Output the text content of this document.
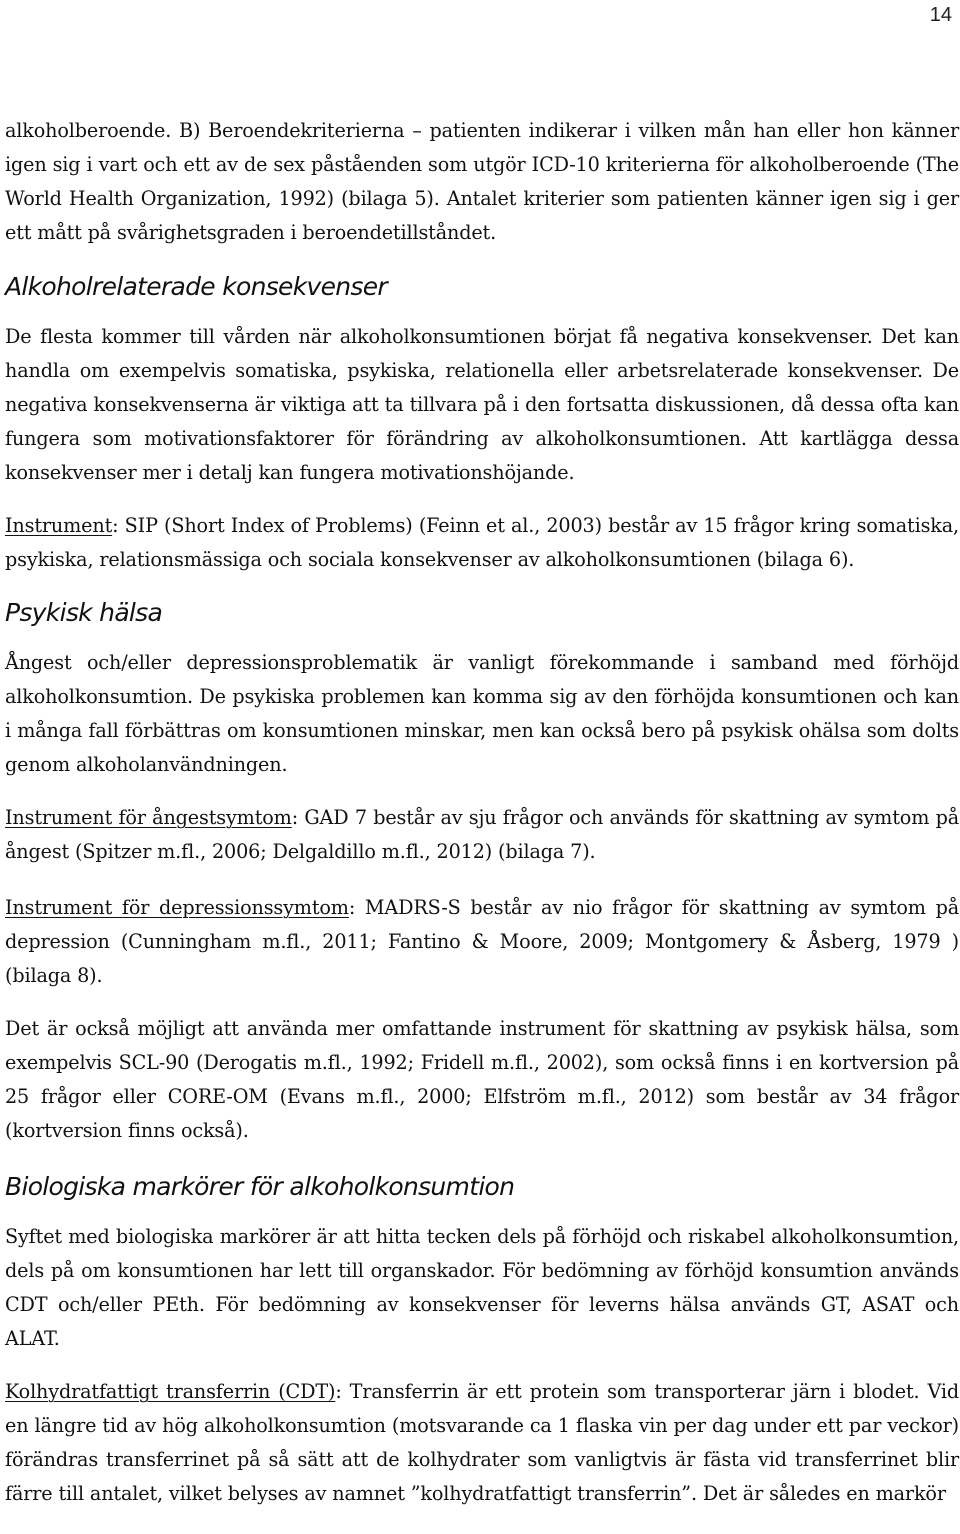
14

alkoholberoende. B) Beroendekriterierna – patienten indikerar i vilken mån han eller hon känner igen sig i vart och ett av de sex påståenden som utgör ICD-10 kriterierna för alkoholberoende (The World Health Organization, 1992) (bilaga 5). Antalet kriterier som patienten känner igen sig i ger ett mått på svårighetsgraden i beroendetillståndet.

Alkoholrelaterade konsekvenser

De flesta kommer till vården när alkoholkonsumtionen börjat få negativa konsekvenser. Det kan handla om exempelvis somatiska, psykiska, relationella eller arbetsrelaterade konsekvenser. De negativa konsekvenserna är viktiga att ta tillvara på i den fortsatta diskussionen, då dessa ofta kan fungera som motivationsfaktorer för förändring av alkoholkonsumtionen. Att kartlägga dessa konsekvenser mer i detalj kan fungera motivationshöjande.

Instrument: SIP (Short Index of Problems) (Feinn et al., 2003) består av 15 frågor kring somatiska, psykiska, relationsmässiga och sociala konsekvenser av alkoholkonsumtionen (bilaga 6).

Psykisk hälsa

Ångest och/eller depressionsproblematik är vanligt förekommande i samband med förhöjd alkoholkonsumtion. De psykiska problemen kan komma sig av den förhöjda konsumtionen och kan i många fall förbättras om konsumtionen minskar, men kan också bero på psykisk ohälsa som dolts genom alkoholanvändningen.

Instrument för ångestsymtom: GAD 7 består av sju frågor och används för skattning av symtom på ångest (Spitzer m.fl., 2006; Delgaldillo m.fl., 2012) (bilaga 7).

Instrument för depressionssymtom: MADRS-S består av nio frågor för skattning av symtom på depression (Cunningham m.fl., 2011; Fantino & Moore, 2009; Montgomery & Åsberg, 1979 ) (bilaga 8).

Det är också möjligt att använda mer omfattande instrument för skattning av psykisk hälsa, som exempelvis SCL-90 (Derogatis m.fl., 1992; Fridell m.fl., 2002), som också finns i en kortversion på 25 frågor eller CORE-OM (Evans m.fl., 2000; Elfström m.fl., 2012) som består av 34 frågor (kortversion finns också).

Biologiska markörer för alkoholkonsumtion

Syftet med biologiska markörer är att hitta tecken dels på förhöjd och riskabel alkoholkonsumtion, dels på om konsumtionen har lett till organskador. För bedömning av förhöjd konsumtion används CDT och/eller PEth. För bedömning av konsekvenser för leverns hälsa används GT, ASAT och ALAT.

Kolhydratfattigt transferrin (CDT): Transferrin är ett protein som transporterar järn i blodet. Vid en längre tid av hög alkoholkonsumtion (motsvarande ca 1 flaska vin per dag under ett par veckor) förändras transferrinet på så sätt att de kolhydrater som vanligtvis är fästa vid transferrinet blir färre till antalet, vilket belyses av namnet ”kolhydratfattigt transferrin”. Det är således en markör
